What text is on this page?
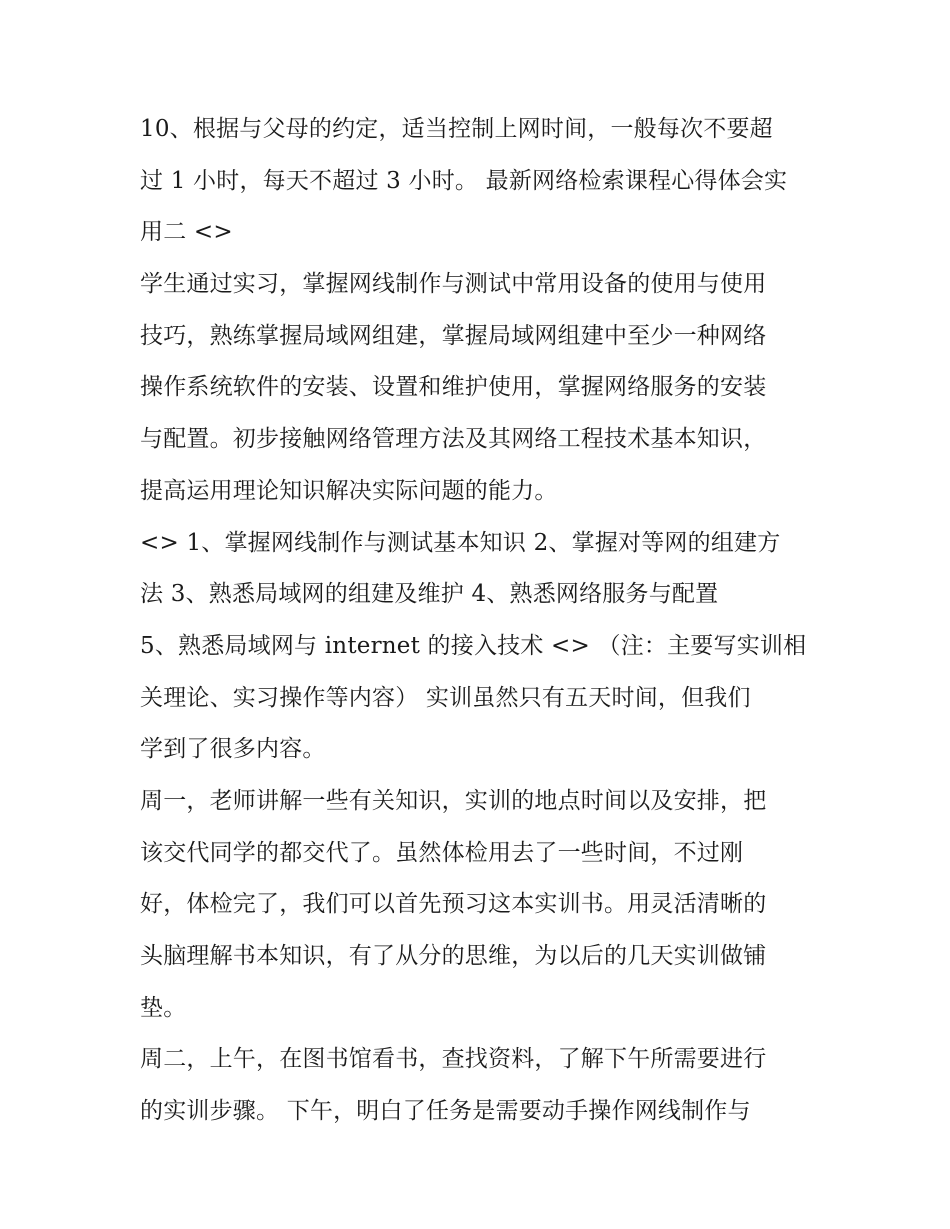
10、根据与父母的约定，适当控制上网时间，一般每次不要超
过 1 小时，每天不超过 3 小时。 最新网络检索课程心得体会实
用二 <>
学生通过实习，掌握网线制作与测试中常用设备的使用与使用
技巧，熟练掌握局域网组建，掌握局域网组建中至少一种网络
操作系统软件的安装、设置和维护使用，掌握网络服务的安装
与配置。初步接触网络管理方法及其网络工程技术基本知识，
提高运用理论知识解决实际问题的能力。
<> 1、掌握网线制作与测试基本知识 2、掌握对等网的组建方
法 3、熟悉局域网的组建及维护 4、熟悉网络服务与配置
5、熟悉局域网与 internet 的接入技术 <> （注：主要写实训相
关理论、实习操作等内容） 实训虽然只有五天时间，但我们
学到了很多内容。
周一，老师讲解一些有关知识，实训的地点时间以及安排，把
该交代同学的都交代了。虽然体检用去了一些时间，不过刚
好，体检完了，我们可以首先预习这本实训书。用灵活清晰的
头脑理解书本知识，有了从分的思维，为以后的几天实训做铺
垫。
周二，上午，在图书馆看书，查找资料，了解下午所需要进行
的实训步骤。 下午，明白了任务是需要动手操作网线制作与
